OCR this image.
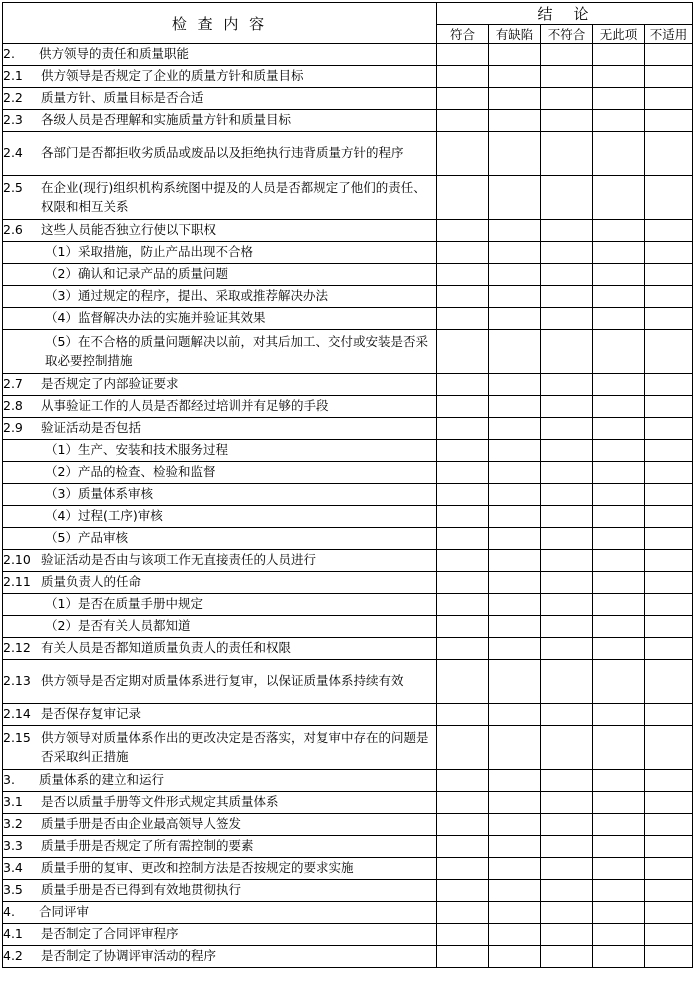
检 查 内 容	结　论				
	符合	有缺陷	不符合	无此项	不适用

2. 供方领导的责任和质量职能					

2.1 供方领导是否规定了企业的质量方针和质量目标					

2.2 质量方针、质量目标是否合适					

2.3 各级人员是否理解和实施质量方针和质量目标					

2.4 各部门是否都拒收劣质品或废品以及拒绝执行违背质量方针的程序					

2.5 在企业(现行)组织机构系统图中提及的人员是否都规定了他们的责任、权限和相互关系					

2.6 这些人员能否独立行使以下职权					

（1）采取措施，防止产品出现不合格					

（2）确认和记录产品的质量问题					

（3）通过规定的程序，提出、采取或推荐解决办法					

（4）监督解决办法的实施并验证其效果					

（5）在不合格的质量问题解决以前，对其后加工、交付或安装是否采取必要控制措施					

2.7 是否规定了内部验证要求					

2.8 从事验证工作的人员是否都经过培训并有足够的手段					

2.9 验证活动是否包括					

（1）生产、安装和技术服务过程					

（2）产品的检查、检验和监督					

（3）质量体系审核					

（4）过程(工序)审核					

（5）产品审核					

2.10 验证活动是否由与该项工作无直接责任的人员进行					

2.11 质量负责人的任命					

（1）是否在质量手册中规定					

（2）是否有关人员都知道					

2.12 有关人员是否都知道质量负责人的责任和权限					

2.13 供方领导是否定期对质量体系进行复审，以保证质量体系持续有效					

2.14 是否保存复审记录					

2.15 供方领导对质量体系作出的更改决定是否落实，对复审中存在的问题是否采取纠正措施					

3. 质量体系的建立和运行					

3.1 是否以质量手册等文件形式规定其质量体系					

3.2 质量手册是否由企业最高领导人签发					

3.3 质量手册是否规定了所有需控制的要素					

3.4 质量手册的复审、更改和控制方法是否按规定的要求实施					

3.5 质量手册是否已得到有效地贯彻执行					

4. 合同评审					

4.1 是否制定了合同评审程序					

4.2 是否制定了协调评审活动的程序					
